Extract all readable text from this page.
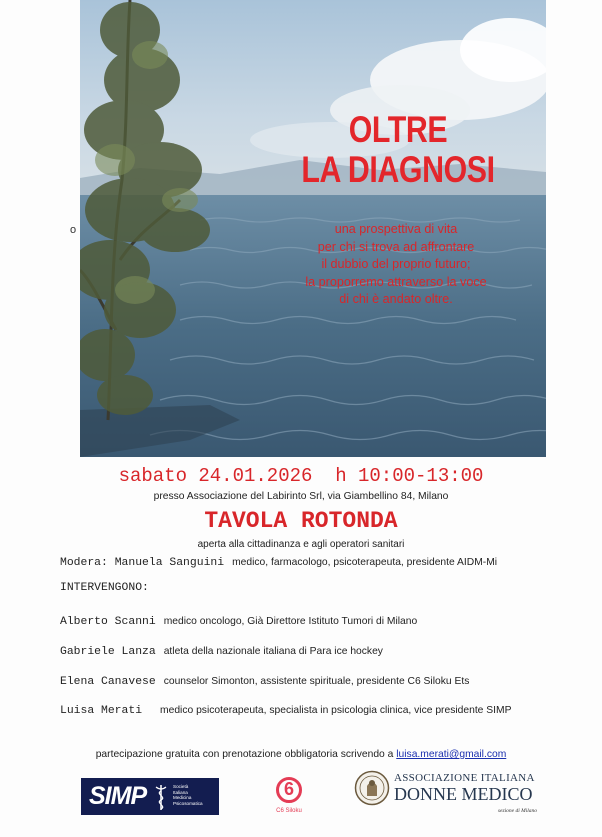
o
OLTRE
LA DIAGNOSI
una prospettiva di vita
per chi si trova ad affrontare
il dubbio del proprio futuro;
la proporremo attraverso la voce
di chi è andato oltre.
sabato 24.01.2026  h 10:00-13:00
presso Associazione del Labirinto Srl, via Giambellino 84, Milano
TAVOLA ROTONDA
aperta alla cittadinanza e agli operatori sanitari
Modera: Manuela Sanguini medico, farmacologo, psicoterapeuta, presidente AIDM-Mi
INTERVENGONO:
Alberto Scanni medico oncologo, Già Direttore Istituto Tumori di Milano
Gabriele Lanza atleta della nazionale italiana di Para ice hockey
Elena Canavese counselor Simonton, assistente spirituale, presidente C6 Siloku Ets
Luisa Merati medico psicoterapeuta, specialista in psicologia clinica, vice presidente SIMP
partecipazione gratuita con prenotazione obbligatoria scrivendo a luisa.merati@gmail.com
SIMP	Società
Italiana
Medicina
Psicosomatica
6
C6 Siloku
ASSOCIAZIONE ITALIANA
DONNE MEDICO
sezione di Milano
